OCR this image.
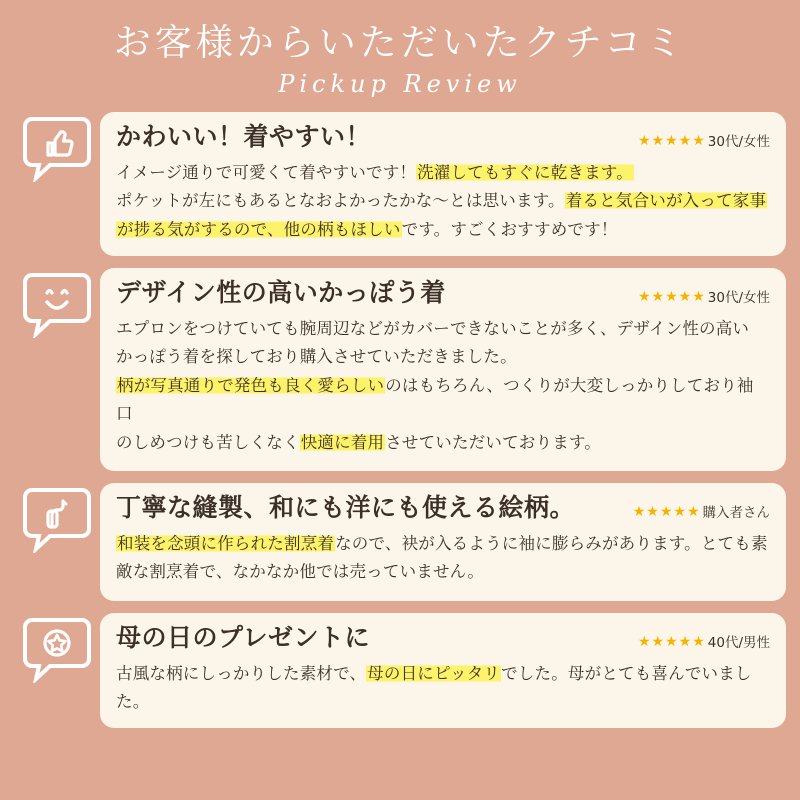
お客様からいただいたクチコミ
Pickup Review
かわいい！着やすい！	★★★★★ 30代/女性
イメージ通りで可愛くて着やすいです！洗濯してもすぐに乾きます。
ポケットが左にもあるとなおよかったかな〜とは思います。着ると気合いが入って家事
が捗る気がするので、他の柄もほしいです。すごくおすすめです！
デザイン性の高いかっぽう着	★★★★★ 30代/女性
エプロンをつけていても腕周辺などがカバーできないことが多く、デザイン性の高い
かっぽう着を探しており購入させていただきました。
柄が写真通りで発色も良く愛らしいのはもちろん、つくりが大変しっかりしており袖口
のしめつけも苦しくなく快適に着用させていただいております。
丁寧な縫製、和にも洋にも使える絵柄。	★★★★★ 購入者さん
和装を念頭に作られた割烹着なので、袂が入るように袖に膨らみがあります。とても素
敵な割烹着で、なかなか他では売っていません。
母の日のプレゼントに	★★★★★ 40代/男性
古風な柄にしっかりした素材で、母の日にピッタリでした。母がとても喜んでいました。
